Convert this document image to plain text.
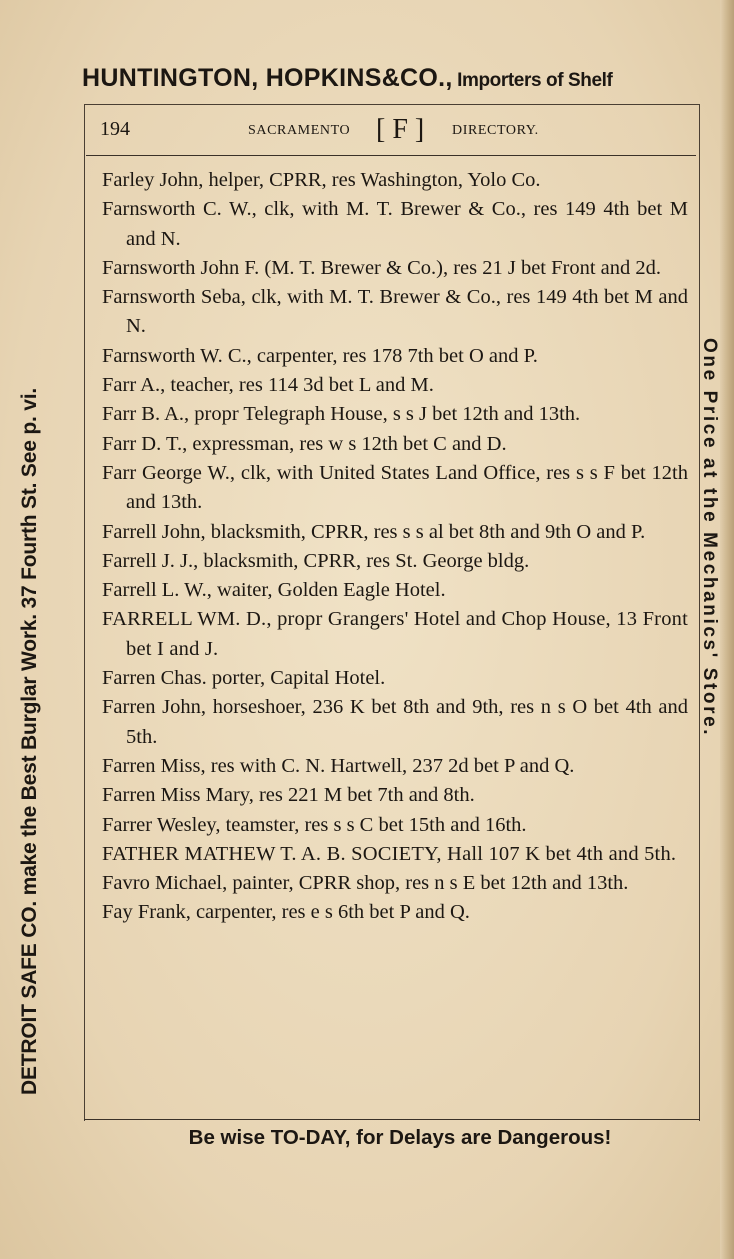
HUNTINGTON, HOPKINS&CO., Importers of Shelf
194	SACRAMENTO [ F ] DIRECTORY.
Farley John, helper, CPRR, res Washington, Yolo Co.
Farnsworth C. W., clk, with M. T. Brewer & Co., res 149 4th bet M and N.
Farnsworth John F. (M. T. Brewer & Co.), res 21 J bet Front and 2d.
Farnsworth Seba, clk, with M. T. Brewer & Co., res 149 4th bet M and N.
Farnsworth W. C., carpenter, res 178 7th bet O and P.
Farr A., teacher, res 114 3d bet L and M.
Farr B. A., propr Telegraph House, s s J bet 12th and 13th.
Farr D. T., expressman, res w s 12th bet C and D.
Farr George W., clk, with United States Land Office, res s s F bet 12th and 13th.
Farrell John, blacksmith, CPRR, res s s al bet 8th and 9th O and P.
Farrell J. J., blacksmith, CPRR, res St. George bldg.
Farrell L. W., waiter, Golden Eagle Hotel.
FARRELL WM. D., propr Grangers' Hotel and Chop House, 13 Front bet I and J.
Farren Chas. porter, Capital Hotel.
Farren John, horseshoer, 236 K bet 8th and 9th, res n s O bet 4th and 5th.
Farren Miss, res with C. N. Hartwell, 237 2d bet P and Q.
Farren Miss Mary, res 221 M bet 7th and 8th.
Farrer Wesley, teamster, res s s C bet 15th and 16th.
FATHER MATHEW T. A. B. SOCIETY, Hall 107 K bet 4th and 5th.
Favro Michael, painter, CPRR shop, res n s E bet 12th and 13th.
Fay Frank, carpenter, res e s 6th bet P and Q.
Be wise TO-DAY, for Delays are Dangerous!
DETROIT SAFE CO. make the Best Burglar Work. 37 Fourth St. See p. vi.	One Price at the Mechanics' Store.
